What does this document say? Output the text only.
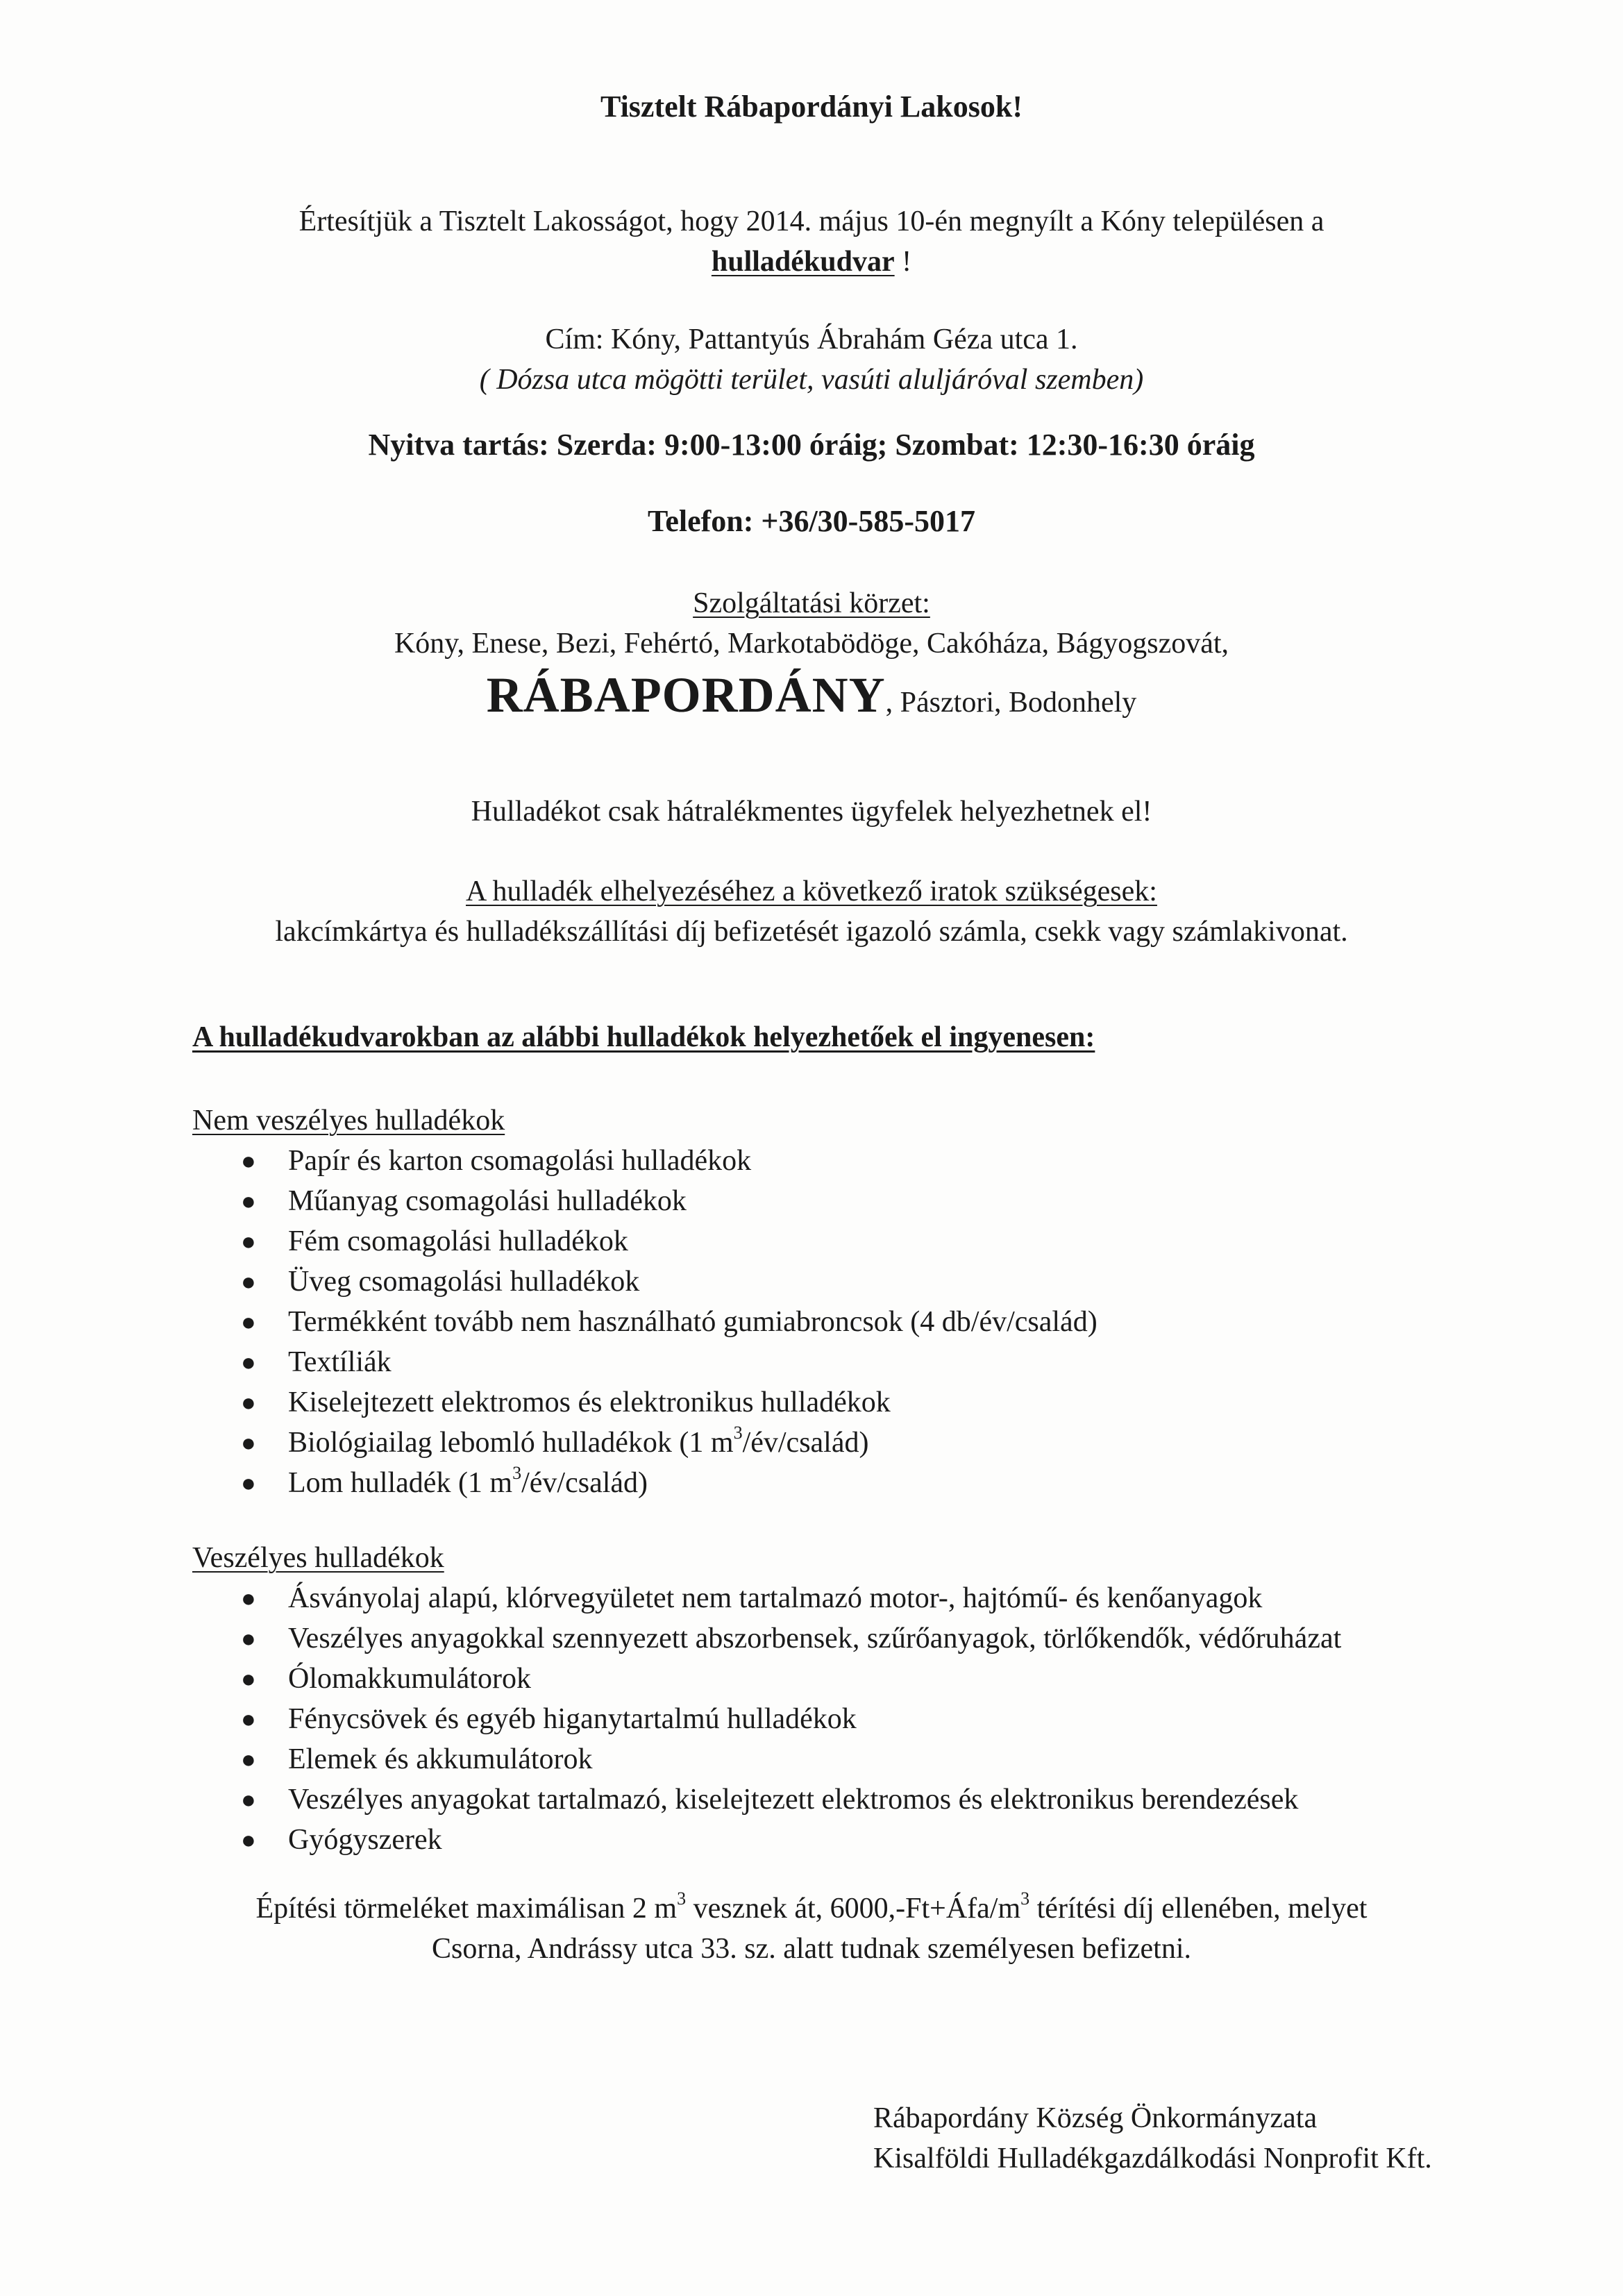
Tisztelt Rábapordányi Lakosok!
Értesítjük a Tisztelt Lakosságot, hogy 2014. május 10-én megnyílt a Kóny településen a
hulladékudvar !
Cím: Kóny, Pattantyús Ábrahám Géza utca 1.
( Dózsa utca mögötti terület, vasúti aluljáróval szemben)
Nyitva tartás: Szerda: 9:00-13:00 óráig; Szombat: 12:30-16:30 óráig
Telefon: +36/30-585-5017
Szolgáltatási körzet:
Kóny, Enese, Bezi, Fehértó, Markotabödöge, Cakóháza, Bágyogszovát,
RÁBAPORDÁNY, Pásztori, Bodonhely
Hulladékot csak hátralékmentes ügyfelek helyezhetnek el!
A hulladék elhelyezéséhez a következő iratok szükségesek:
lakcímkártya és hulladékszállítási díj befizetését igazoló számla, csekk vagy számlakivonat.
A hulladékudvarokban az alábbi hulladékok helyezhetőek el ingyenesen:
Nem veszélyes hulladékok
● Papír és karton csomagolási hulladékok
● Műanyag csomagolási hulladékok
● Fém csomagolási hulladékok
● Üveg csomagolási hulladékok
● Termékként tovább nem használható gumiabroncsok (4 db/év/család)
● Textíliák
● Kiselejtezett elektromos és elektronikus hulladékok
● Biológiailag lebomló hulladékok (1 $m^3/év/család$)
● Lom hulladék (1 $m^3/év/család$)
Veszélyes hulladékok
● Ásványolaj alapú, klórvegyületet nem tartalmazó motor-, hajtómű- és kenőanyagok
● Veszélyes anyagokkal szennyezett abszorbensek, szűrőanyagok, törlőkendők, védőruházat
● Ólomakkumulátorok
● Fénycsövek és egyéb higanytartalmú hulladékok
● Elemek és akkumulátorok
● Veszélyes anyagokat tartalmazó, kiselejtezett elektromos és elektronikus berendezések
● Gyógyszerek
Építési törmeléket maximálisan 2 $m^3$ vesznek át, $6000,-Ft+Áfa/m^3$ térítési díj ellenében, melyet
Csorna, Andrássy utca 33. sz. alatt tudnak személyesen befizetni.
Rábapordány Község Önkormányzata
Kisalföldi Hulladékgazdálkodási Nonprofit Kft.
